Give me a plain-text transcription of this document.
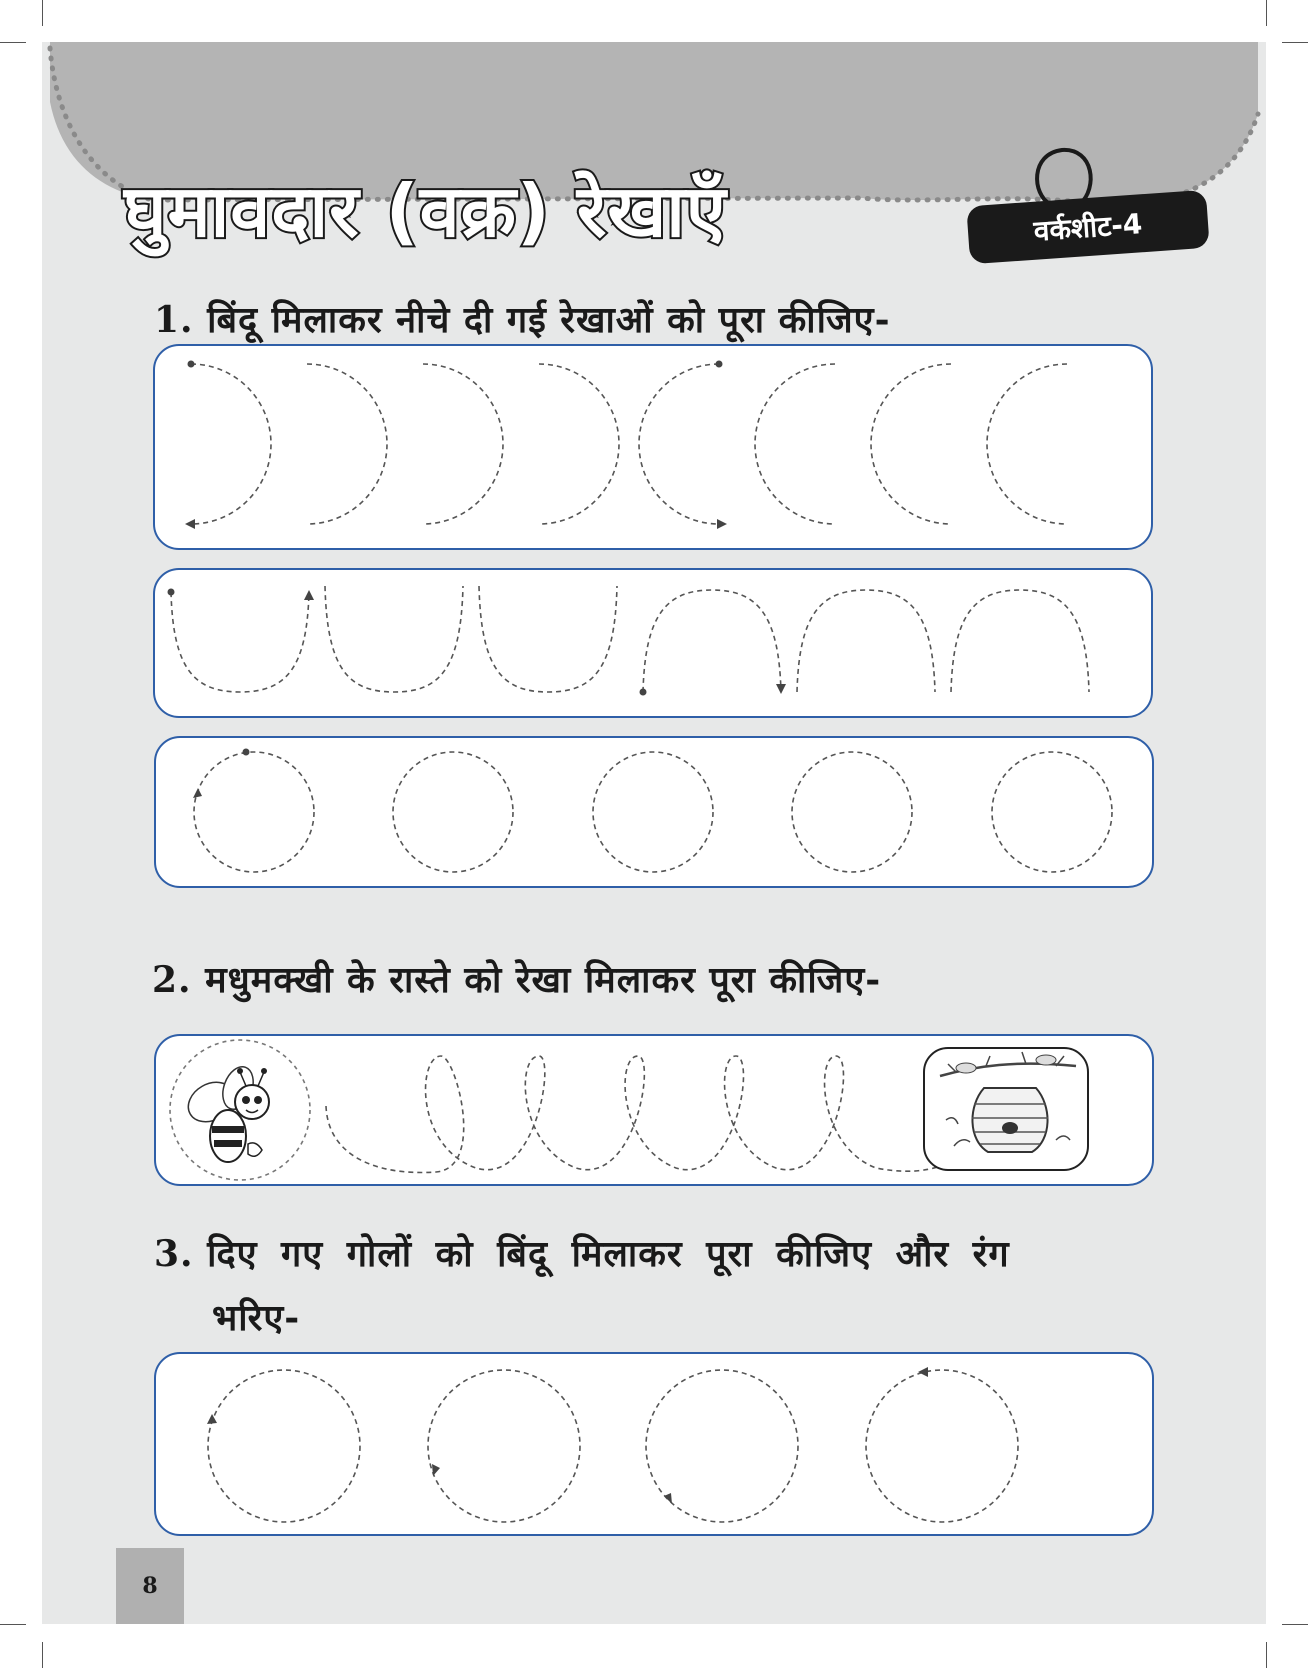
घुमावदार (वक्र) रेखाएँ	वर्कशीट-4

1. बिंदू मिलाकर नीचे दी गई रेखाओं को पूरा कीजिए-

2. मधुमक्खी के रास्ते को रेखा मिलाकर पूरा कीजिए-

3. दिए गए गोलों को बिंदू मिलाकर पूरा कीजिए और रंग

भरिए-

8
